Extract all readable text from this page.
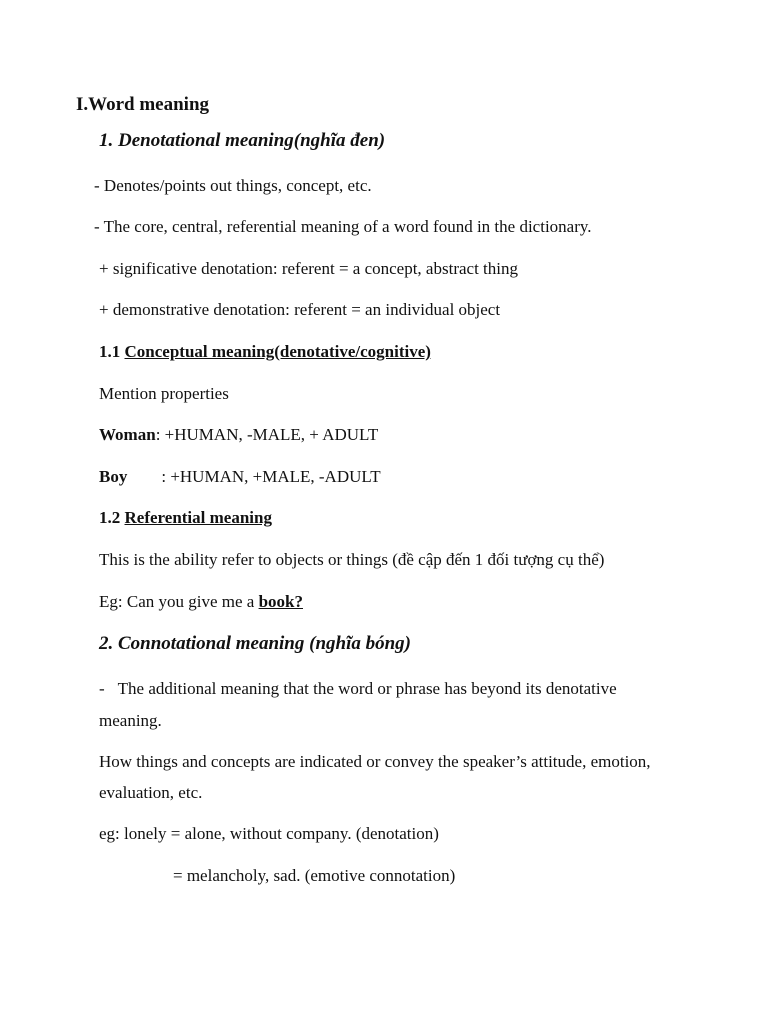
I.Word meaning
1. Denotational meaning(nghĩa đen)
- Denotes/points out things, concept, etc.
- The core, central, referential meaning of a word found in the dictionary.
+ significative denotation: referent = a concept, abstract thing
+ demonstrative denotation: referent = an individual object
1.1 Conceptual meaning(denotative/cognitive)
Mention properties
Woman: +HUMAN, -MALE, + ADULT
Boy : +HUMAN, +MALE, -ADULT
1.2 Referential meaning
This is the ability refer to objects or things (đề cập đến 1 đối tượng cụ thể)
Eg: Can you give me a book?
2. Connotational meaning (nghĩa bóng)
- The additional meaning that the word or phrase has beyond its denotative
meaning.
How things and concepts are indicated or convey the speaker’s attitude, emotion,
evaluation, etc.
eg: lonely = alone, without company. (denotation)
= melancholy, sad. (emotive connotation)
